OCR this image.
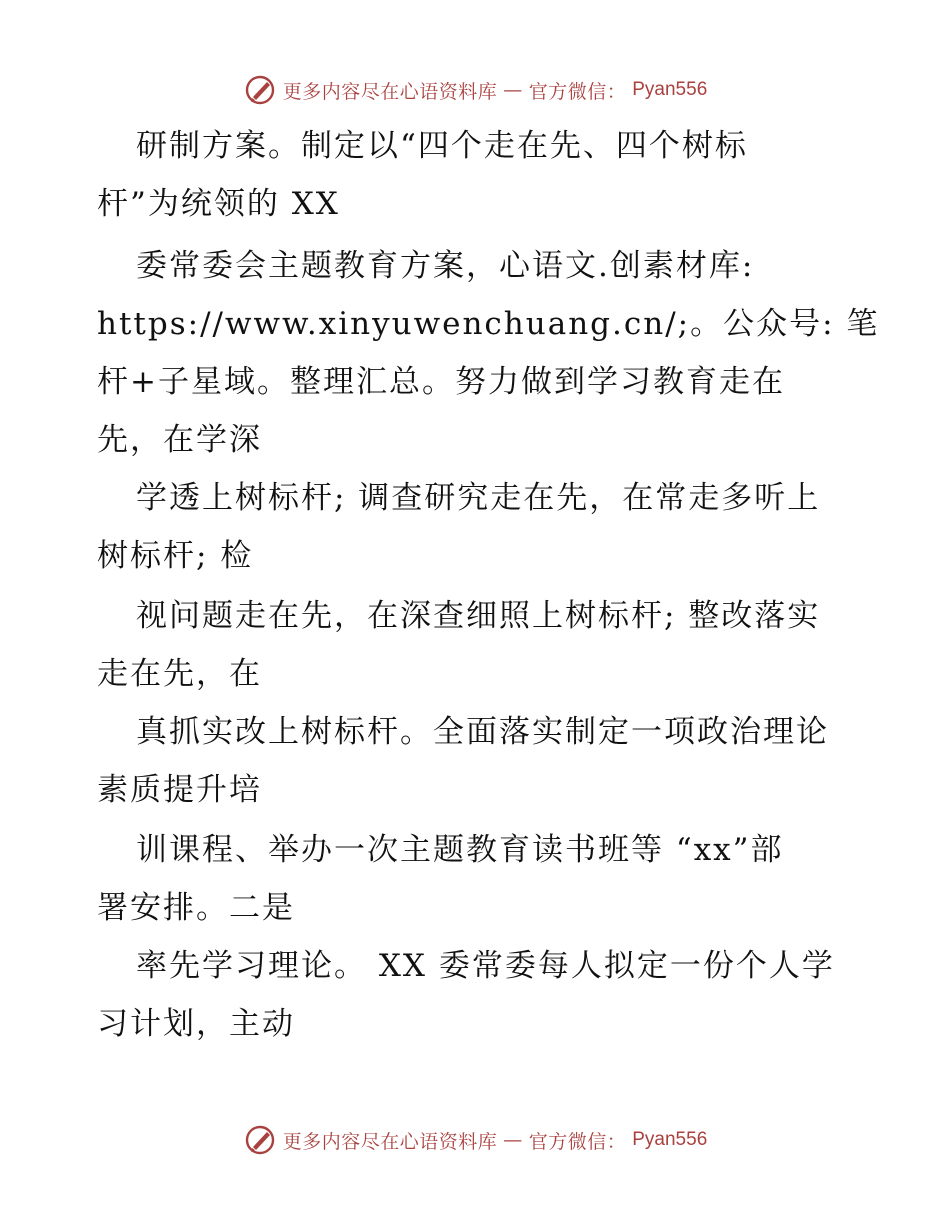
更多内容尽在心语资料库 — 官方微信： Pyan556
研制方案。制定以“四个走在先、四个树标
杆”为统领的 XX
委常委会主题教育方案，心语文.创素材库:
https://www.xinyuwenchuang.cn/;。公众号: 笔
杆+子星域。整理汇总。努力做到学习教育走在
先，在学深
学透上树标杆; 调查研究走在先，在常走多听上
树标杆; 检
视问题走在先，在深查细照上树标杆; 整改落实
走在先，在
真抓实改上树标杆。全面落实制定一项政治理论
素质提升培
训课程、举办一次主题教育读书班等 “xx”部
署安排。二是
率先学习理论。 XX 委常委每人拟定一份个人学
习计划，主动
更多内容尽在心语资料库 — 官方微信： Pyan556
